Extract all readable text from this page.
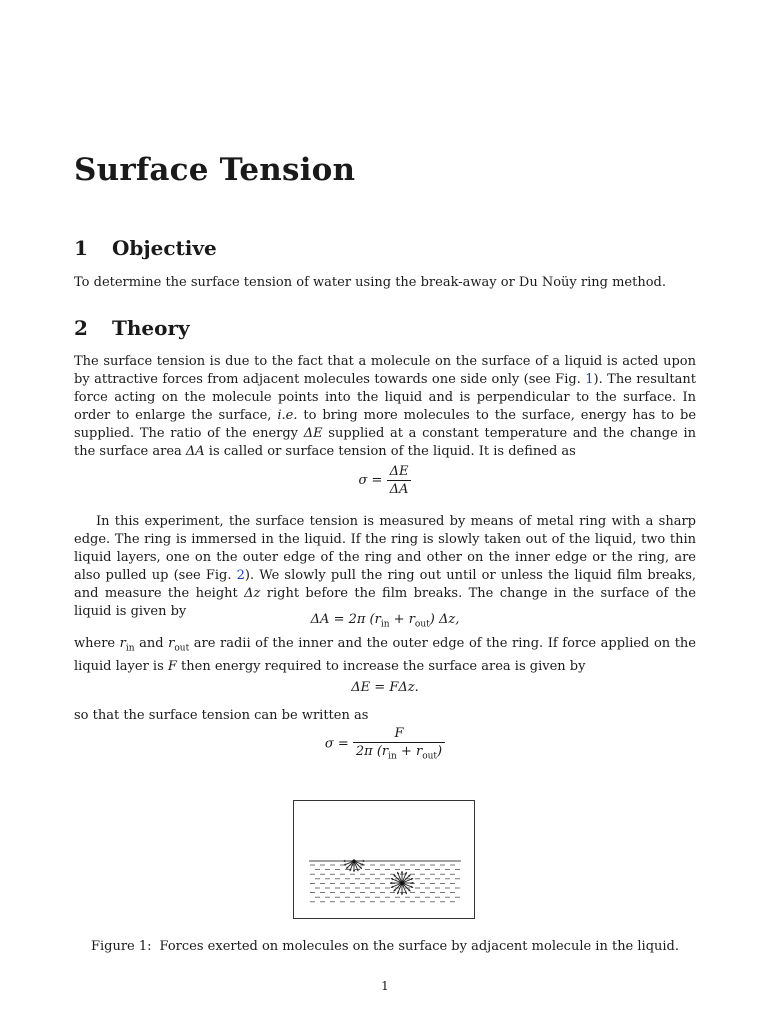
Surface Tension
1 Objective

To determine the surface tension of water using the break-away or Du Noüy ring method.

2 Theory

The surface tension is due to the fact that a molecule on the surface of a liquid is acted upon by attractive forces from adjacent molecules towards one side only (see Fig. 1). The resultant force acting on the molecule points into the liquid and is perpendicular to the surface. In order to enlarge the surface, i.e. to bring more molecules to the surface, energy has to be supplied. The ratio of the energy ΔE supplied at a constant temperature and the change in the surface area ΔA is called or surface tension of the liquid. It is defined as

$\sigma = \frac{\Delta E}{\Delta A}$

In this experiment, the surface tension is measured by means of metal ring with a sharp edge. The ring is immersed in the liquid. If the ring is slowly taken out of the liquid, two thin liquid layers, one on the outer edge of the ring and other on the inner edge or the ring, are also pulled up (see Fig. 2). We slowly pull the ring out until or unless the liquid film breaks, and measure the height Δz right before the film breaks. The change in the surface of the liquid is given by

ΔA = 2π $(r_{in} + r_{out})$ Δz,

where $r_{in}$ and $r_{out}$ are radii of the inner and the outer edge of the ring. If force applied on the liquid layer is F then energy required to increase the surface area is given by

ΔE = FΔz.

so that the surface tension can be written as

$\sigma = \frac{F}{2\pi (r_{in} + r_{out})}$
Figure 1: Forces exerted on molecules on the surface by adjacent molecule in the liquid.
1
